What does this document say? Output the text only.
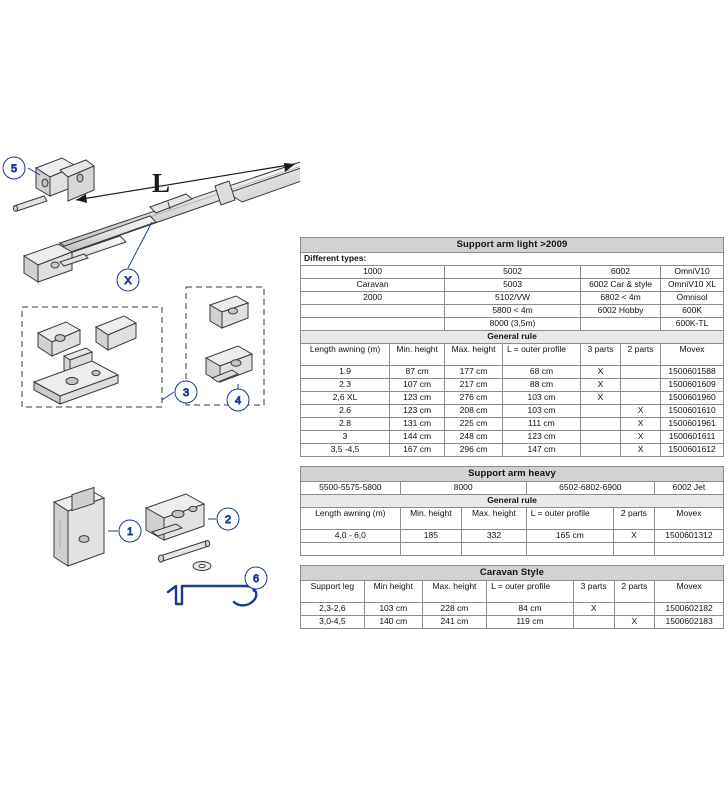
5
X
3
4
1
2
6
L
Support arm light >2009						
Different types:						
1000		5002		6002		OmniV10
Caravan		5003		6002 Car & style		OmniV10 XL
2000		5102/VW		6802 < 4m		Omnisol
		5800 < 4m		6002 Hobby		600K
		8000 (3,5m)				600K-TL
General rule						
Length awning (m)	Min. height	Max. height	L = outer profile	3 parts	2 parts	Movex
1.9	87 cm	177 cm	68 cm	X		1500601588
2.3	107 cm	217 cm	88 cm	X		1500601609
2,6 XL	123 cm	276 cm	103 cm	X		1500601960
2.6	123 cm	208 cm	103 cm		X	1500601610
2.8	131 cm	225 cm	111 cm		X	1500601961
3	144 cm	248 cm	123 cm		X	1500601611
3,5 -4,5	167 cm	296 cm	147 cm		X	1500601612
Support arm heavy					
5500-5575-5800	8000		6502-6802-6900		6002 Jet
General rule					
Length awning (m)	Min. height	Max. height	L = outer profile	2 parts	Movex
4,0 - 6,0	185	332	165 cm	X	1500601312

Caravan Style						
Support leg	Min height	Max. height	L = outer profile	3 parts	2 parts	Movex
2,3-2,6	103 cm	228 cm	84 cm	X		1500602182
3,0-4,5	140 cm	241 cm	119 cm		X	1500602183
